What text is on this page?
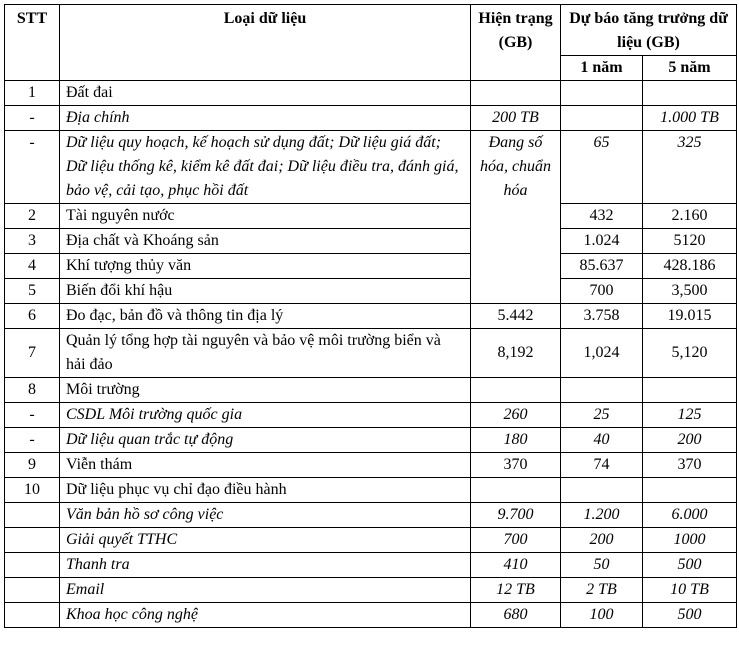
STT	Loại dữ liệu	Hiện trạng (GB)	Dự báo tăng trưởng dữ liệu (GB)	
			1 năm	5 năm
1	Đất đai			
-	Địa chính	200 TB		1.000 TB
-	Dữ liệu quy hoạch, kế hoạch sử dụng đất; Dữ liệu giá đất; Dữ liệu thống kê, kiểm kê đất đai; Dữ liệu điều tra, đánh giá, bảo vệ, cải tạo, phục hồi đất	Đang số hóa, chuẩn hóa	65	325
2	Tài nguyên nước		432	2.160
3	Địa chất và Khoáng sản		1.024	5120
4	Khí tượng thủy văn		85.637	428.186
5	Biến đổi khí hậu		700	3,500
6	Đo đạc, bản đồ và thông tin địa lý	5.442	3.758	19.015
7	Quản lý tổng hợp tài nguyên và bảo vệ môi trường biển và hải đảo	8,192	1,024	5,120
8	Môi trường			
-	CSDL Môi trường quốc gia	260	25	125
-	Dữ liệu quan trắc tự động	180	40	200
9	Viễn thám	370	74	370
10	Dữ liệu phục vụ chỉ đạo điều hành			
	Văn bản hồ sơ công việc	9.700	1.200	6.000
	Giải quyết TTHC	700	200	1000
	Thanh tra	410	50	500
	Email	12 TB	2 TB	10 TB
	Khoa học công nghệ	680	100	500
